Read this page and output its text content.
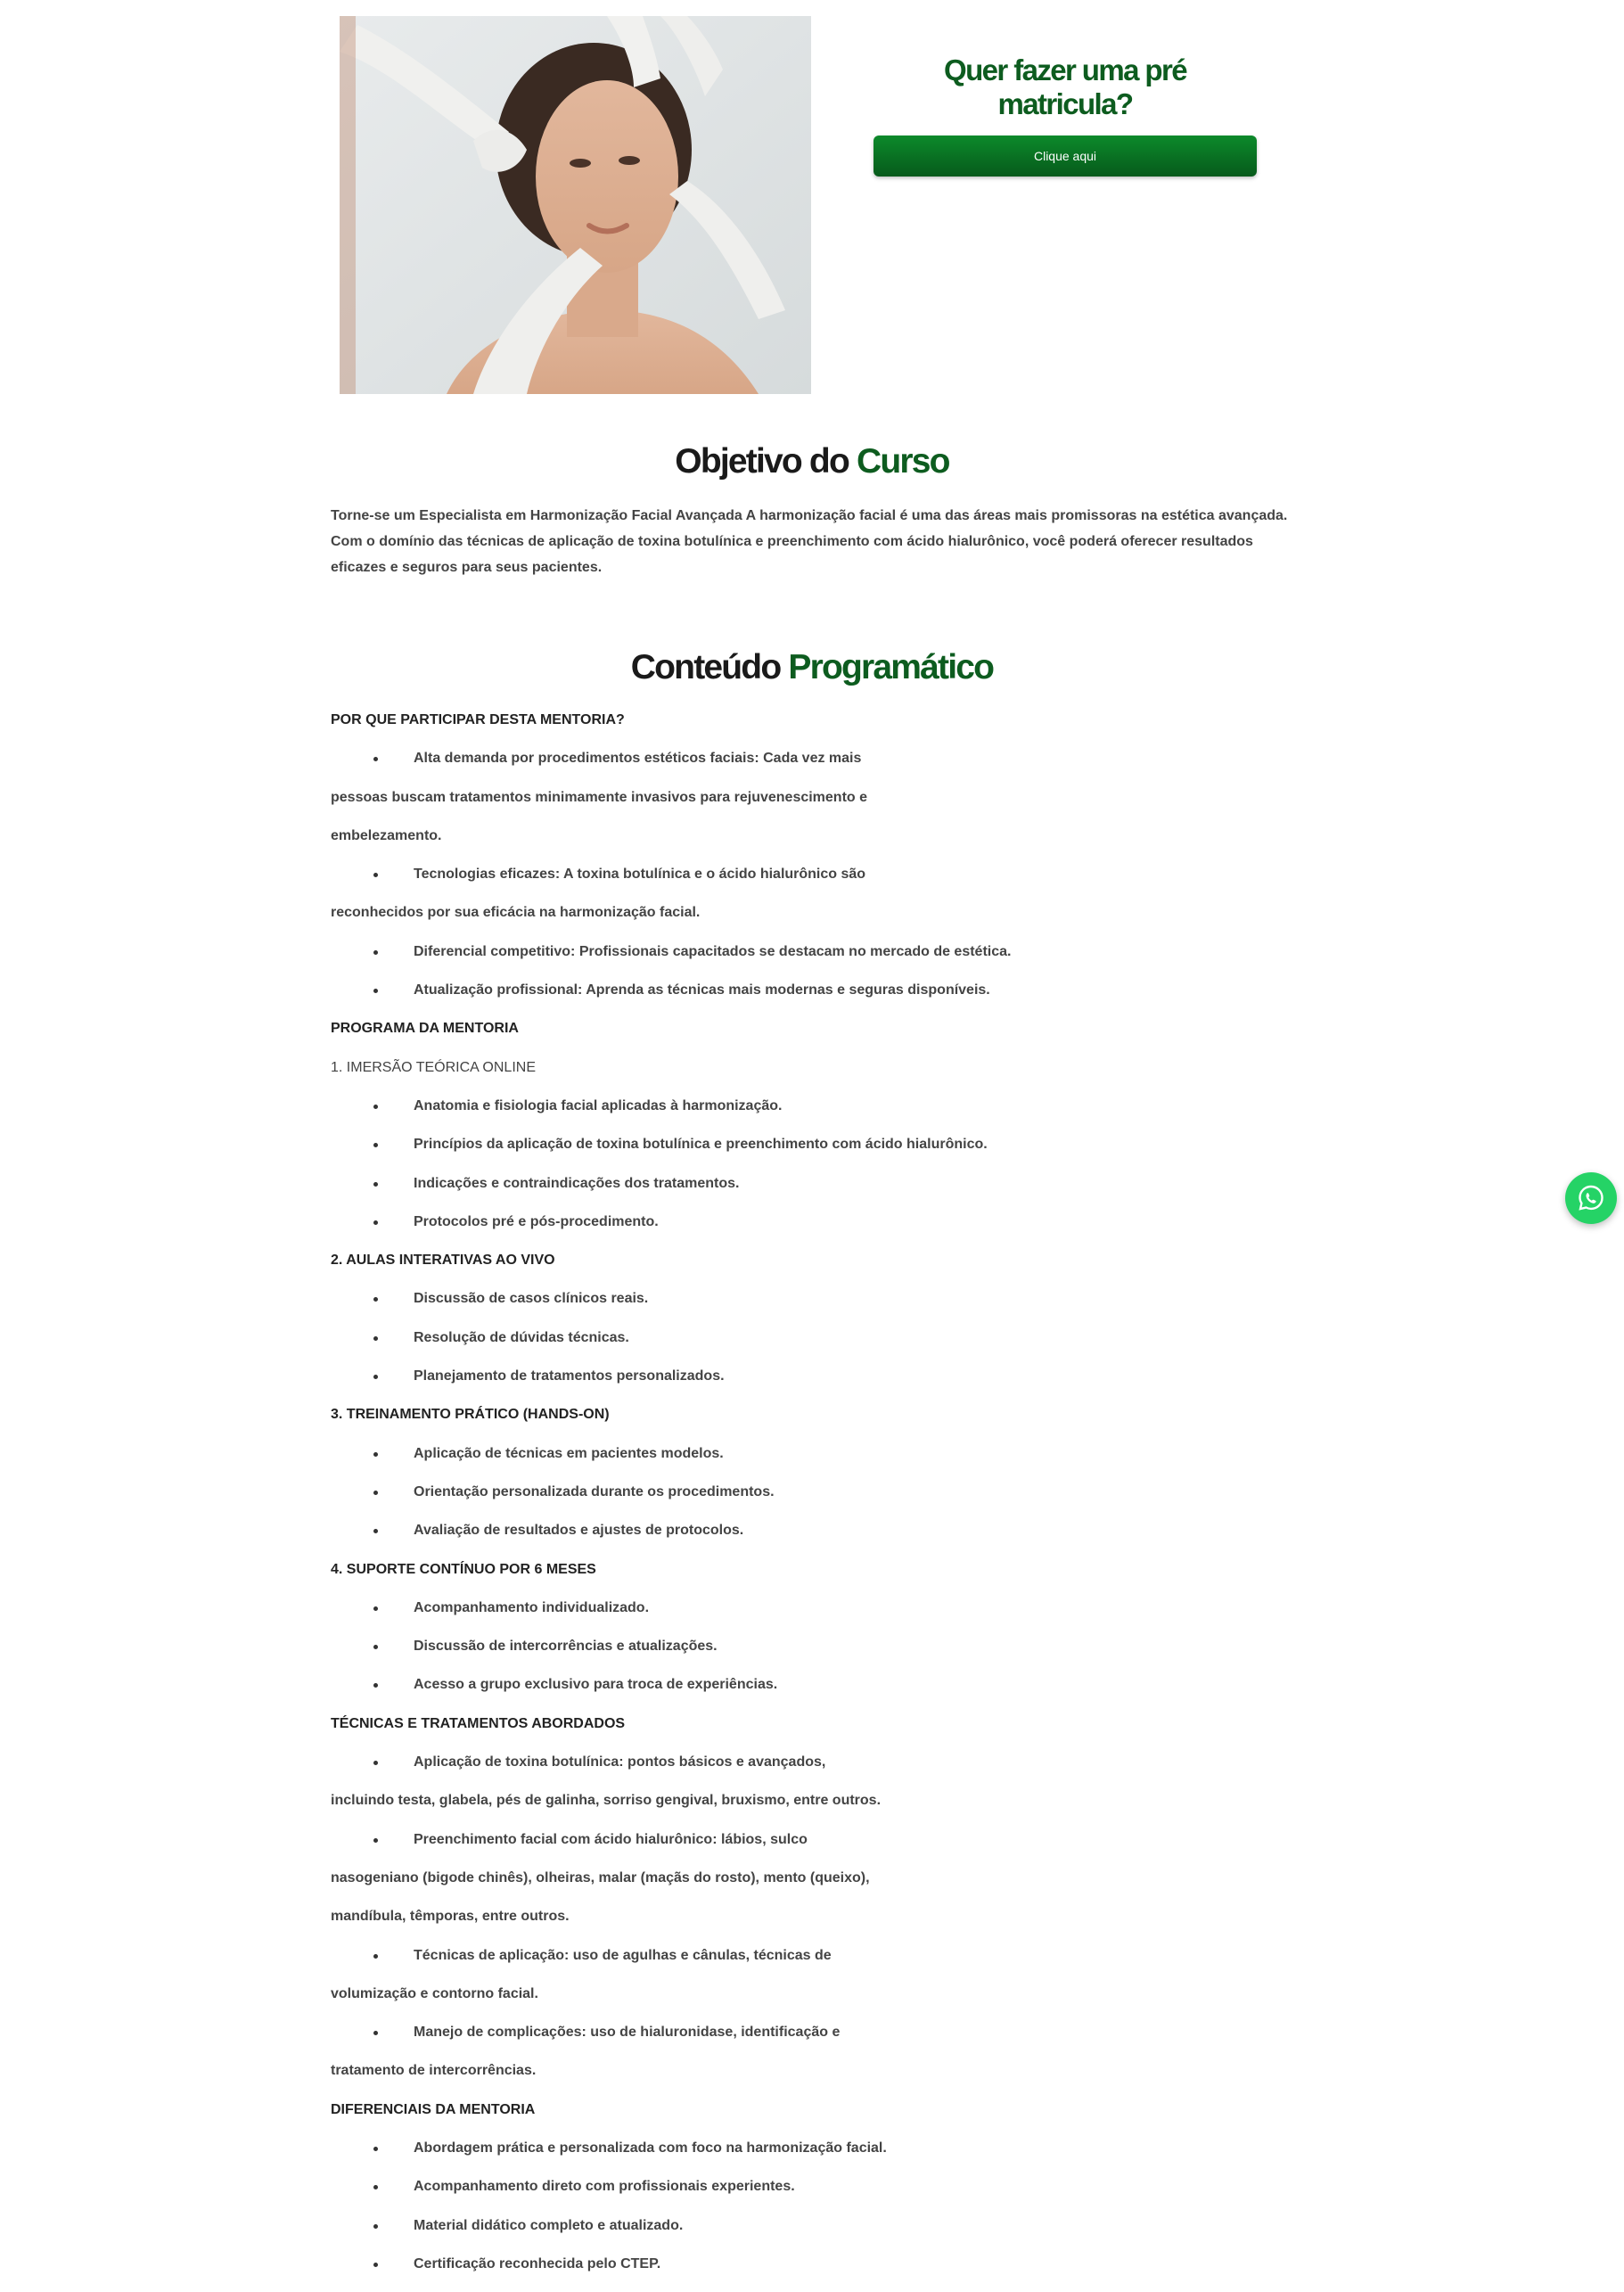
Quer fazer uma pré matricula?
Clique aqui
Objetivo do Curso

Torne-se um Especialista em Harmonização Facial Avançada A harmonização facial é uma das áreas mais promissoras na estética avançada. Com o domínio das técnicas de aplicação de toxina botulínica e preenchimento com ácido hialurônico, você poderá oferecer resultados eficazes e seguros para seus pacientes.

Conteúdo Programático
POR QUE PARTICIPAR DESTA MENTORIA?
Alta demanda por procedimentos estéticos faciais: Cada vez mais
pessoas buscam tratamentos minimamente invasivos para rejuvenescimento e
embelezamento.
Tecnologias eficazes: A toxina botulínica e o ácido hialurônico são
reconhecidos por sua eficácia na harmonização facial.
Diferencial competitivo: Profissionais capacitados se destacam no mercado de estética.
Atualização profissional: Aprenda as técnicas mais modernas e seguras disponíveis.
PROGRAMA DA MENTORIA
1. IMERSÃO TEÓRICA ONLINE
Anatomia e fisiologia facial aplicadas à harmonização.
Princípios da aplicação de toxina botulínica e preenchimento com ácido hialurônico.
Indicações e contraindicações dos tratamentos.
Protocolos pré e pós-procedimento.
2. AULAS INTERATIVAS AO VIVO
Discussão de casos clínicos reais.
Resolução de dúvidas técnicas.
Planejamento de tratamentos personalizados.
3. TREINAMENTO PRÁTICO (HANDS-ON)
Aplicação de técnicas em pacientes modelos.
Orientação personalizada durante os procedimentos.
Avaliação de resultados e ajustes de protocolos.
4. SUPORTE CONTÍNUO POR 6 MESES
Acompanhamento individualizado.
Discussão de intercorrências e atualizações.
Acesso a grupo exclusivo para troca de experiências.
TÉCNICAS E TRATAMENTOS ABORDADOS
Aplicação de toxina botulínica: pontos básicos e avançados,
incluindo testa, glabela, pés de galinha, sorriso gengival, bruxismo, entre outros.
Preenchimento facial com ácido hialurônico: lábios, sulco
nasogeniano (bigode chinês), olheiras, malar (maçãs do rosto), mento (queixo),
mandíbula, têmporas, entre outros.
Técnicas de aplicação: uso de agulhas e cânulas, técnicas de
volumização e contorno facial.
Manejo de complicações: uso de hialuronidase, identificação e
tratamento de intercorrências.
DIFERENCIAIS DA MENTORIA
Abordagem prática e personalizada com foco na harmonização facial.
Acompanhamento direto com profissionais experientes.
Material didático completo e atualizado.
Certificação reconhecida pelo CTEP.
